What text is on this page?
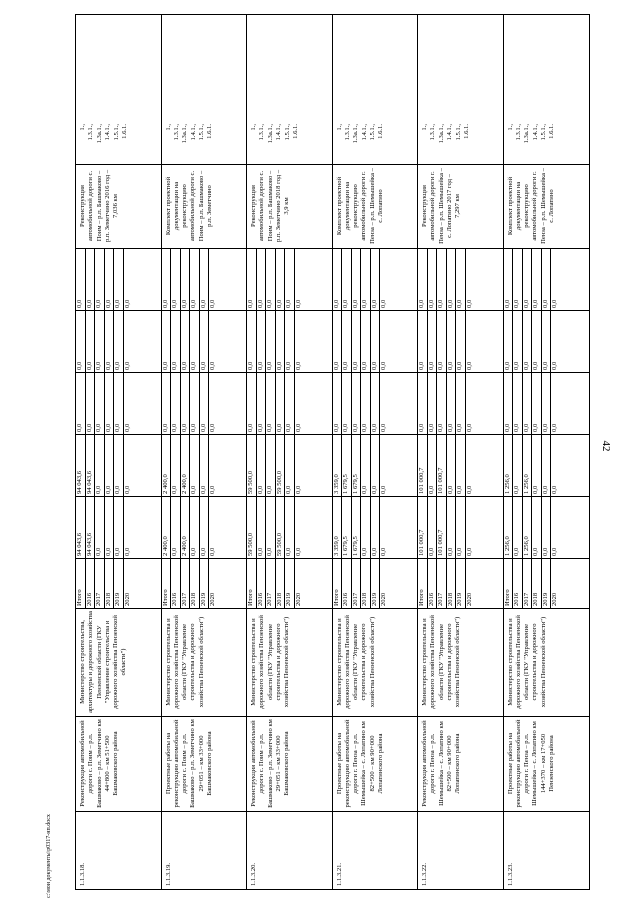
42
c:\мои документы\p0317-нп.docx	1.1.3.18.
Реконструкция автомобильной дороги с. Поим – р.п. Башмаково – р.п. Земетчино км 44+800 – км 51+500 Башмаковского района
Министерство строительства, архитектуры и дорожного хозяйства Пензенской области (ГКУ "Управление строительства и дорожного хозяйства Пензенской области")
Итого 2016 2017 2018 2019 2020
94 043,6 94 043,6 0,0 0,0 0,0 0,0
94 043,6 94 043,6 0,0 0,0 0,0 0,0
0,0 0,0 0,0 0,0 0,0 0,0
0,0 0,0 0,0 0,0 0,0 0,0
0,0 0,0 0,0 0,0 0,0 0,0
Реконструкция автомобильной дороги с. Поим – р.п. Башмаково – р.п. Земетчино 2016 год – 7,036 км
1., 1.3.1., 1.3а.1., 1.4.1., 1.5.1., 1.6.1.
1.1.3.19.
Проектные работы на реконструкцию автомобильной дороги с. Поим – р.п. Башмаково – р.п. Земетчино км 29+051 – км 33+000 Башмаковского района
Министерство строительства и дорожного хозяйства Пензенской области (ГКУ "Управление строительства и дорожного хозяйства Пензенской области")
Итого 2016 2017 2018 2019 2020
2 400,0 0,0 2 400,0 0,0 0,0 0,0
2 400,0 0,0 2 400,0 0,0 0,0 0,0
0,0 0,0 0,0 0,0 0,0 0,0
0,0 0,0 0,0 0,0 0,0 0,0
0,0 0,0 0,0 0,0 0,0 0,0
Комплект проектной документации на реконструкцию автомобильной дороги с. Поим – р.п. Башмаково – р.п. Земетчино
1., 1.3.1., 1.3а.1., 1.4.1., 1.5.1., 1.6.1.
1.1.3.20.
Реконструкция автомобильной дороги с. Поим – р.п. Башмаково – р.п. Земетчино км 29+051 – км 33+000 Башмаковского района
Министерство строительства и дорожного хозяйства Пензенской области (ГКУ "Управление строительства и дорожного хозяйства Пензенской области")
Итого 2016 2017 2018 2019 2020
59 500,0 0,0 0,0 59 500,0 0,0 0,0
59 500,0 0,0 0,0 59 500,0 0,0 0,0
0,0 0,0 0,0 0,0 0,0 0,0
0,0 0,0 0,0 0,0 0,0 0,0
0,0 0,0 0,0 0,0 0,0 0,0
Реконструкция автомобильной дороги с. Поим – р.п. Башмаково – р.п. Земетчино 2018 год – 3,9 км
1., 1.3.1., 1.3а.1., 1.4.1., 1.5.1., 1.6.1.
1.1.3.21.
Проектные работы на реконструкцию автомобильной дороги г. Пенза – р.п. Шемышейка – с. Лопатино км 82+500 – км 90+000 Лопатинского района
Министерство строительства и дорожного хозяйства Пензенской области (ГКУ "Управление строительства и дорожного хозяйства Пензенской области")
Итого 2016 2017 2018 2019 2020
3 359,0 1 679,5 1 679,5 0,0 0,0 0,0
3 359,0 1 679,5 1 679,5 0,0 0,0 0,0
0,0 0,0 0,0 0,0 0,0 0,0
0,0 0,0 0,0 0,0 0,0 0,0
0,0 0,0 0,0 0,0 0,0 0,0
Комплект проектной документации на реконструкцию автомобильной дороги г. Пенза – р.п. Шемышейка – с. Лопатино
1., 1.3.1., 1.3а.1., 1.4.1., 1.5.1., 1.6.1.
1.1.3.22.
Реконструкция автомобильной дороги г. Пенза – р.п. Шемышейка – с. Лопатино км 82+500 – км 90+000 Лопатинского района
Министерство строительства и дорожного хозяйства Пензенской области (ГКУ "Управление строительства и дорожного хозяйства Пензенской области")
Итого 2016 2017 2018 2019 2020
101 000,7 0,0 101 000,7 0,0 0,0 0,0
101 000,7 0,0 101 000,7 0,0 0,0 0,0
0,0 0,0 0,0 0,0 0,0 0,0
0,0 0,0 0,0 0,0 0,0 0,0
0,0 0,0 0,0 0,0 0,0 0,0
Реконструкция автомобильной дороги г. Пенза – р.п. Шемышейка – с. Лопатино 2017 год – 7,297 км
1., 1.3.1., 1.3а.1., 1.4.1., 1.5.1., 1.6.1.
1.1.3.23.
Проектные работы на реконструкцию автомобильной дороги г. Пенза – р.п. Шемышейка – с. Лопатино км 144+370 – км 17+050 Пензенского района
Министерство строительства и дорожного хозяйства Пензенской области (ГКУ "Управление строительства и дорожного хозяйства Пензенской области")
Итого 2016 2017 2018 2019 2020
1 256,0 0,0 1 256,0 0,0 0,0 0,0
1 256,0 0,0 1 256,0 0,0 0,0 0,0
0,0 0,0 0,0 0,0 0,0 0,0
0,0 0,0 0,0 0,0 0,0 0,0
0,0 0,0 0,0 0,0 0,0 0,0
Комплект проектной документации на реконструкцию автомобильной дороги г. Пенза – р.п. Шемышейка – с. Лопатино
1., 1.3.1., 1.3а.1., 1.4.1., 1.5.1., 1.6.1.
